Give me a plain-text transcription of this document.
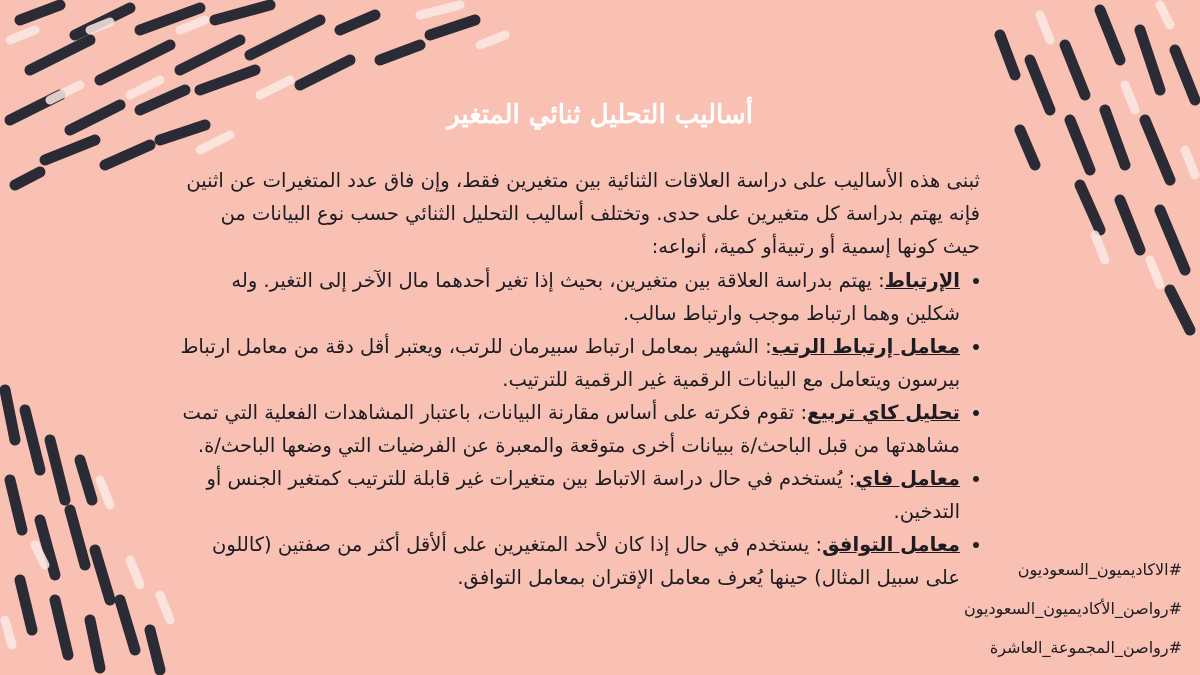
أساليب التحليل ثنائي المتغير
ثبنى هذه الأساليب على دراسة العلاقات الثنائية بين متغيرين فقط، وإن فاق عدد المتغيرات عن اثنين فإنه يهتم بدراسة كل متغيرين على حدى. وتختلف أساليب التحليل الثنائي حسب نوع البيانات من حيث كونها إسمية أو رتبيةأو كمية، أنواعه:
• الإرتباط: يهتم بدراسة العلاقة بين متغيرين، بحيث إذا تغير أحدهما مال الآخر إلى التغير. وله شكلين وهما ارتباط موجب وارتباط سالب.
• معامل إرتباط الرتب: الشهير بمعامل ارتباط سبيرمان للرتب، ويعتبر أقل دقة من معامل ارتباط بيرسون ويتعامل مع البيانات الرقمية غير الرقمية للترتيب.
• تحليل كاي تربيع: تقوم فكرته على أساس مقارنة البيانات، باعتبار المشاهدات الفعلية التي تمت مشاهدتها من قبل الباحث/ة ببيانات أخرى متوقعة والمعبرة عن الفرضيات التي وضعها الباحث/ة.
• معامل فاي: يُستخدم في حال دراسة الاتباط بين متغيرات غير قابلة للترتيب كمتغير الجنس أو التدخين.
• معامل التوافق: يستخدم في حال إذا كان لأحد المتغيرين على ألأقل أكثر من صفتين (كاللون على سبيل المثال) حينها يُعرف معامل الإقتران بمعامل التوافق.	#الاكاديميون_السعوديون
#رواصن_الأكاديميون_السعوديون
#رواصن_المجموعة_العاشرة
